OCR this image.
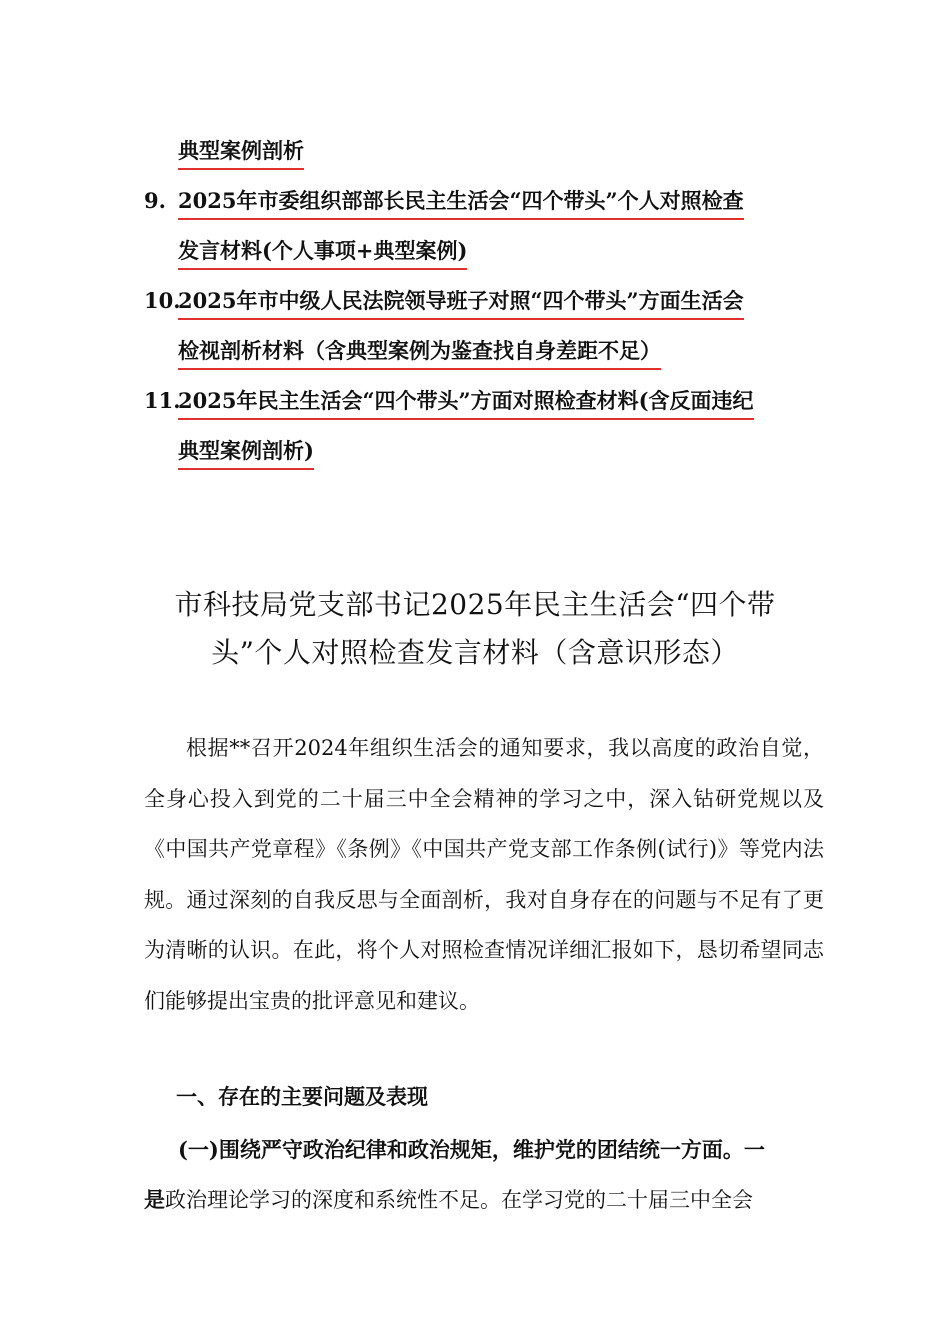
典型案例剖析
9. 2025年市委组织部部长民主生活会“四个带头”个人对照检查
发言材料(个人事项+典型案例)
10.
2025年市中级人民法院领导班子对照“四个带头”方面生活会
检视剖析材料（含典型案例为鉴查找自身差距不足）
11.
2025年民主生活会“四个带头”方面对照检查材料(含反面违纪
典型案例剖析)
市科技局党支部书记2025年民主生活会“四个带
头”个人对照检查发言材料（含意识形态）

根据**召开2024年组织生活会的通知要求，我以高度的政治自觉，全身心投入到党的二十届三中全会精神的学习之中，深入钻研党规以及《中国共产党章程》《条例》《中国共产党支部工作条例(试行)》等党内法规。通过深刻的自我反思与全面剖析，我对自身存在的问题与不足有了更为清晰的认识。在此，将个人对照检查情况详细汇报如下，恳切希望同志们能够提出宝贵的批评意见和建议。

一、存在的主要问题及表现

(一)围绕严守政治纪律和政治规矩，维护党的团结统一方面。一

是政治理论学习的深度和系统性不足。在学习党的二十届三中全会
